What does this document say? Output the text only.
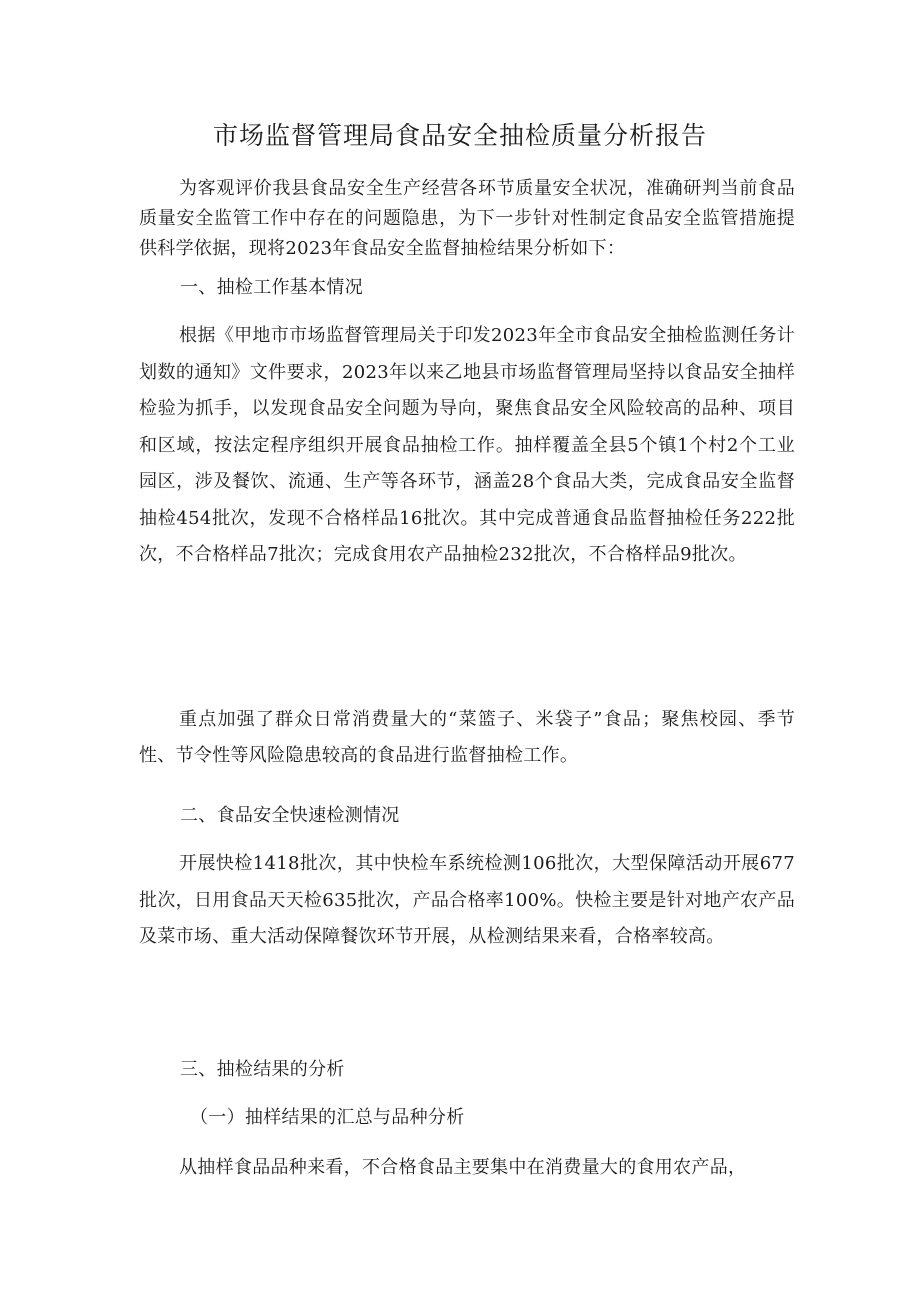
市场监督管理局食品安全抽检质量分析报告
为客观评价我县食品安全生产经营各环节质量安全状况，准确研判当前食品质量安全监管工作中存在的问题隐患，为下一步针对性制定食品安全监管措施提供科学依据，现将2023年食品安全监督抽检结果分析如下：
一、抽检工作基本情况
根据《甲地市市场监督管理局关于印发2023年全市食品安全抽检监测任务计划数的通知》文件要求，2023年以来乙地县市场监督管理局坚持以食品安全抽样检验为抓手，以发现食品安全问题为导向，聚焦食品安全风险较高的品种、项目和区域，按法定程序组织开展食品抽检工作。抽样覆盖全县5个镇1个村2个工业园区，涉及餐饮、流通、生产等各环节，涵盖28个食品大类，完成食品安全监督抽检454批次，发现不合格样品16批次。其中完成普通食品监督抽检任务222批次，不合格样品7批次；完成食用农产品抽检232批次，不合格样品9批次。
重点加强了群众日常消费量大的“菜篮子、米袋子”食品；聚焦校园、季节性、节令性等风险隐患较高的食品进行监督抽检工作。
二、食品安全快速检测情况
开展快检1418批次，其中快检车系统检测106批次，大型保障活动开展677批次，日用食品天天检635批次，产品合格率100%。快检主要是针对地产农产品及菜市场、重大活动保障餐饮环节开展，从检测结果来看，合格率较高。
三、抽检结果的分析
（一）抽样结果的汇总与品种分析
从抽样食品品种来看，不合格食品主要集中在消费量大的食用农产品，
